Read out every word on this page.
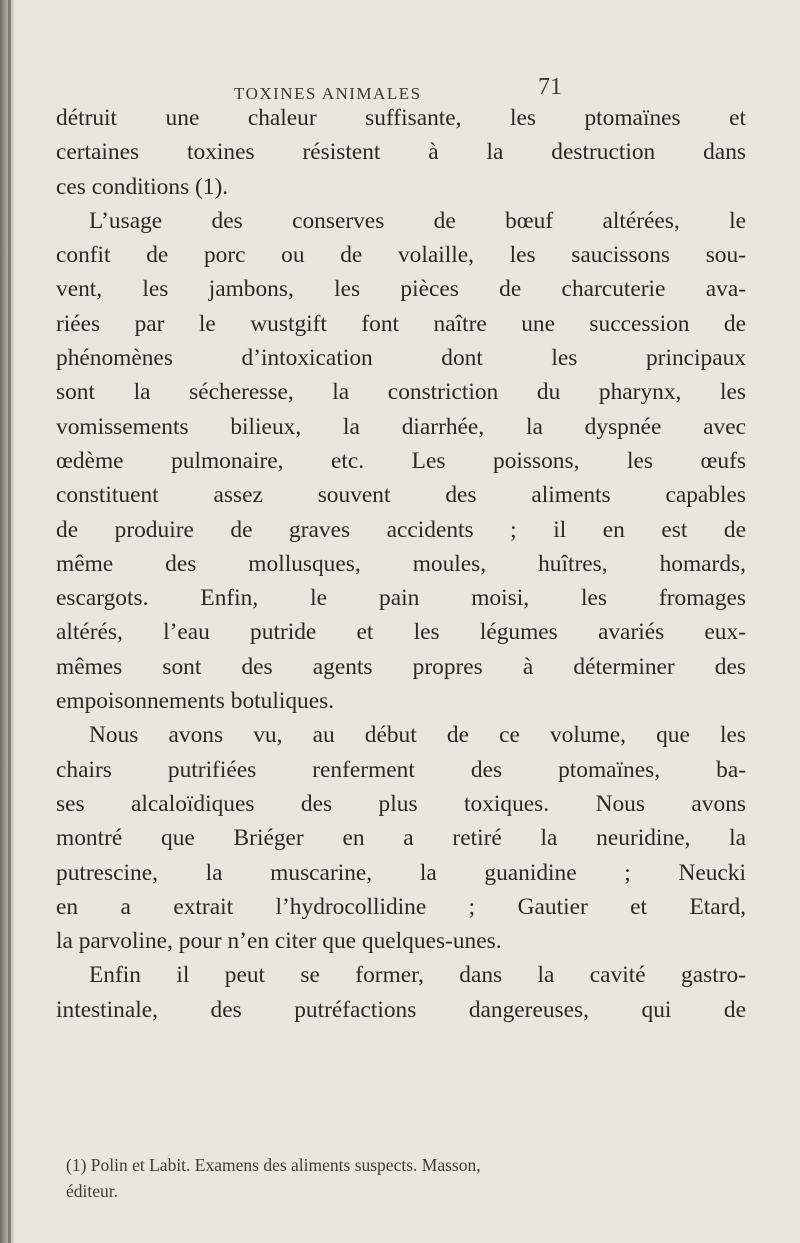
TOXINES ANIMALES	71
détruit une chaleur suffisante, les ptomaïnes et
certaines toxines résistent à la destruction dans
ces conditions (1).
L’usage des conserves de bœuf altérées, le
confit de porc ou de volaille, les saucissons sou-
vent, les jambons, les pièces de charcuterie ava-
riées par le wustgift font naître une succession de
phénomènes d’intoxication dont les principaux
sont la sécheresse, la constriction du pharynx, les
vomissements bilieux, la diarrhée, la dyspnée avec
œdème pulmonaire, etc. Les poissons, les œufs
constituent assez souvent des aliments capables
de produire de graves accidents ; il en est de
même des mollusques, moules, huîtres, homards,
escargots. Enfin, le pain moisi, les fromages
altérés, l’eau putride et les légumes avariés eux-
mêmes sont des agents propres à déterminer des
empoisonnements botuliques.
Nous avons vu, au début de ce volume, que les
chairs putrifiées renferment des ptomaïnes, ba-
ses alcaloïdiques des plus toxiques. Nous avons
montré que Briéger en a retiré la neuridine, la
putrescine, la muscarine, la guanidine ; Neucki
en a extrait l’hydrocollidine ; Gautier et Etard,
la parvoline, pour n’en citer que quelques-unes.
Enfin il peut se former, dans la cavité gastro-
intestinale, des putréfactions dangereuses, qui de
(1) Polin et Labit. Examens des aliments suspects. Masson,
éditeur.
